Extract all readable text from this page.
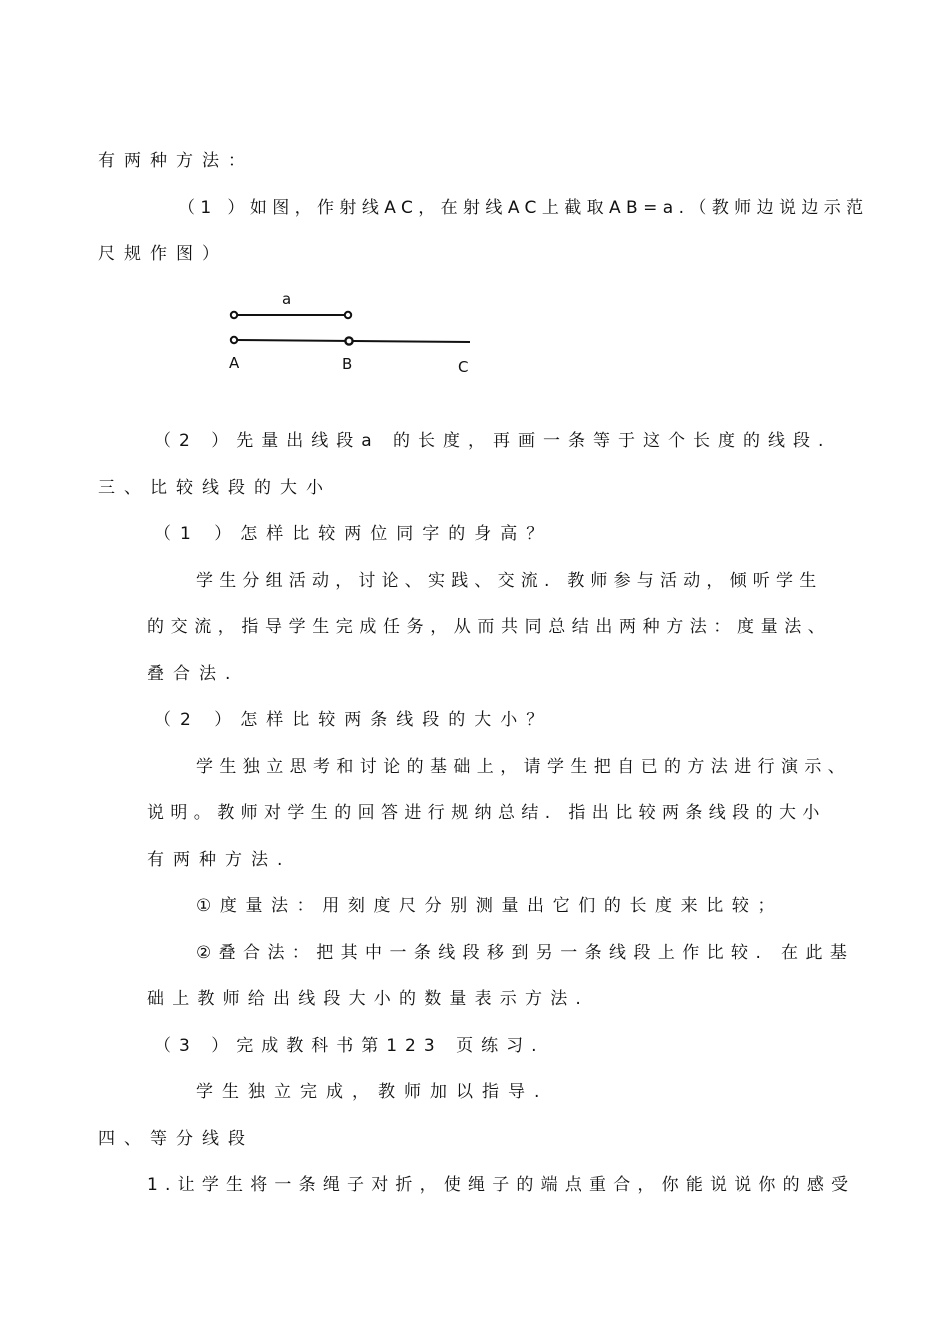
有两种方法：
（1 ）如图，作射线AC，在射线AC上截取AB=a.（教师边说边示范
尺规作图）
a
A	B	C
（2 ）先量出线段a 的长度，再画一条等于这个长度的线段.
三、比较线段的大小
（1 ）怎样比较两位同字的身高？
学生分组活动，讨论、实践、交流. 教师参与活动，倾听学生
的交流，指导学生完成任务，从而共同总结出两种方法：度量法、
叠合法.
（2 ）怎样比较两条线段的大小？
学生独立思考和讨论的基础上，请学生把自已的方法进行演示、
说明。教师对学生的回答进行规纳总结. 指出比较两条线段的大小
有两种方法.
①度量法：用刻度尺分别测量出它们的长度来比较；
②叠合法：把其中一条线段移到另一条线段上作比较. 在此基
础上教师给出线段大小的数量表示方法.
（3 ）完成教科书第123 页练习.
学生独立完成，教师加以指导.
四、等分线段
1.让学生将一条绳子对折，使绳子的端点重合，你能说说你的感受
